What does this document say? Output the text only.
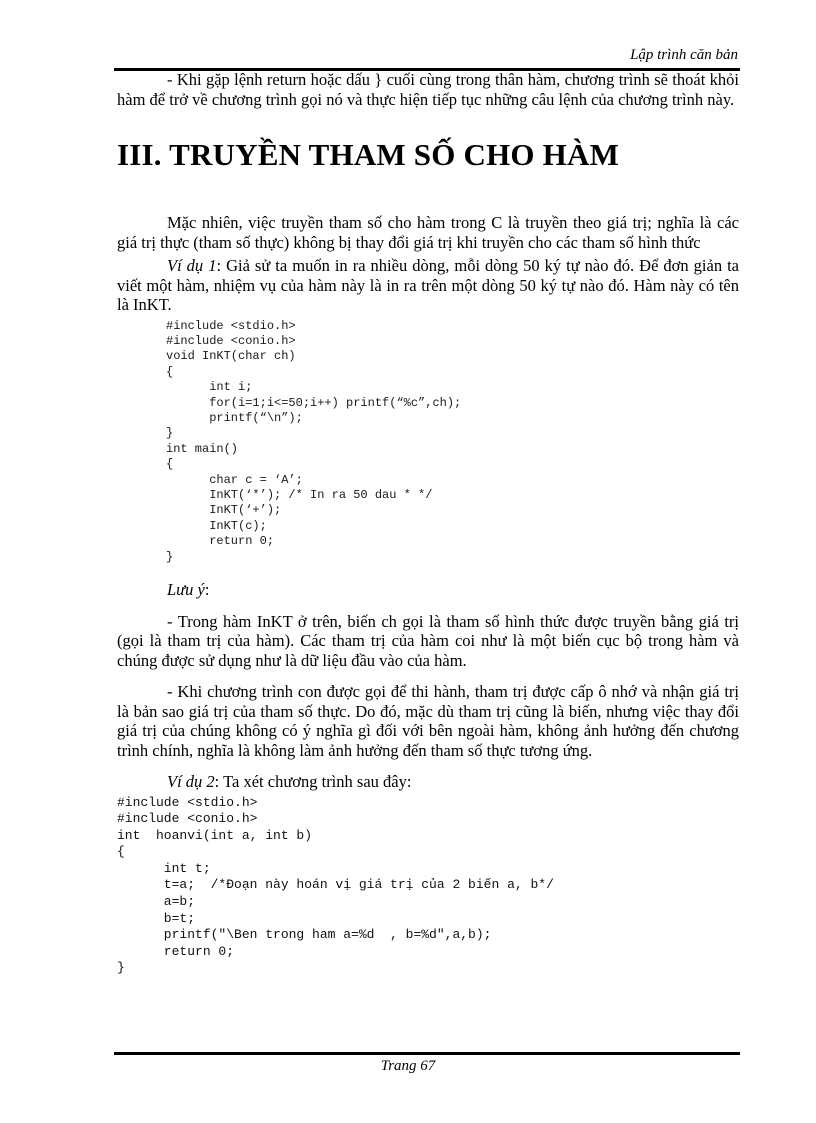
Lập trình căn bản

- Khi gặp lệnh return hoặc dấu } cuối cùng trong thân hàm, chương trình sẽ thoát khỏi hàm để trở về chương trình gọi nó và thực hiện tiếp tục những câu lệnh của chương trình này.

III. TRUYỀN THAM SỐ CHO HÀM

Mặc nhiên, việc truyền tham số cho hàm trong C là truyền theo giá trị; nghĩa là các giá trị thực (tham số thực) không bị thay đổi giá trị khi truyền cho các tham số hình thức

Ví dụ 1: Giả sử ta muốn in ra nhiều dòng, mỗi dòng 50 ký tự nào đó. Để đơn giản ta viết một hàm, nhiệm vụ của hàm này là in ra trên một dòng 50 ký tự nào đó. Hàm này có tên là InKT.

#include <stdio.h>
#include <conio.h>
void InKT(char ch)
{
int i;
for(i=1;i<=50;i++) printf(“%c”,ch);
printf(“\n”);
}
int main()
{
char c = ‘A’;
InKT(‘*’); /* In ra 50 dau * */
InKT(‘+’);
InKT(c);
return 0;
}

Lưu ý:

- Trong hàm InKT ở trên, biến ch gọi là tham số hình thức được truyền bằng giá trị (gọi là tham trị của hàm). Các tham trị của hàm coi như là một biến cục bộ trong hàm và chúng được sử dụng như là dữ liệu đầu vào của hàm.

- Khi chương trình con được gọi để thi hành, tham trị được cấp ô nhớ và nhận giá trị là bản sao giá trị của tham số thực. Do đó, mặc dù tham trị cũng là biến, nhưng việc thay đổi giá trị của chúng không có ý nghĩa gì đối với bên ngoài hàm, không ảnh hưởng đến chương trình chính, nghĩa là không làm ảnh hưởng đến tham số thực tương ứng.

Ví dụ 2: Ta xét chương trình sau đây:

#include <stdio.h>
#include <conio.h>
int  hoanvi(int a, int b)
{
int t;
t=a;  /*Đoạn này hoán vị giá trị của 2 biến a, b*/
a=b;
b=t;
printf("\Ben trong ham a=%d  , b=%d",a,b);
return 0;
}
Trang 67
